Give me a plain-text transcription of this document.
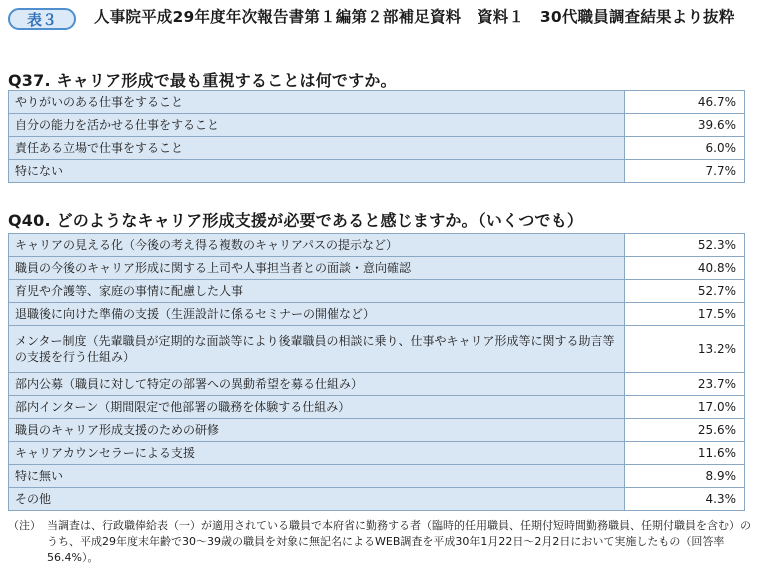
表３	人事院平成29年度年次報告書第１編第２部補足資料　資料１　30代職員調査結果より抜粋
Q37. キャリア形成で最も重視することは何ですか。
やりがいのある仕事をすること	46.7%
自分の能力を活かせる仕事をすること	39.6%
責任ある立場で仕事をすること	6.0%
特にない	7.7%
Q40. どのようなキャリア形成支援が必要であると感じますか。（いくつでも）
キャリアの見える化（今後の考え得る複数のキャリアパスの提示など）	52.3%
職員の今後のキャリア形成に関する上司や人事担当者との面談・意向確認	40.8%
育児や介護等、家庭の事情に配慮した人事	52.7%
退職後に向けた準備の支援（生涯設計に係るセミナーの開催など）	17.5%
メンター制度（先輩職員が定期的な面談等により後輩職員の相談に乗り、仕事やキャリア形成等に関する助言等の支援を行う仕組み）	13.2%
部内公募（職員に対して特定の部署への異動希望を募る仕組み）	23.7%
部内インターン（期間限定で他部署の職務を体験する仕組み）	17.0%
職員のキャリア形成支援のための研修	25.6%
キャリアカウンセラーによる支援	11.6%
特に無い	8.9%
その他	4.3%
（注） 当調査は、行政職俸給表（一）が適用されている職員で本府省に勤務する者（臨時的任用職員、任期付短時間勤務職員、任期付職員を含む）のうち、平成29年度末年齢で30～39歳の職員を対象に無記名によるWEB調査を平成30年1月22日～2月2日において実施したもの（回答率56.4%）。
